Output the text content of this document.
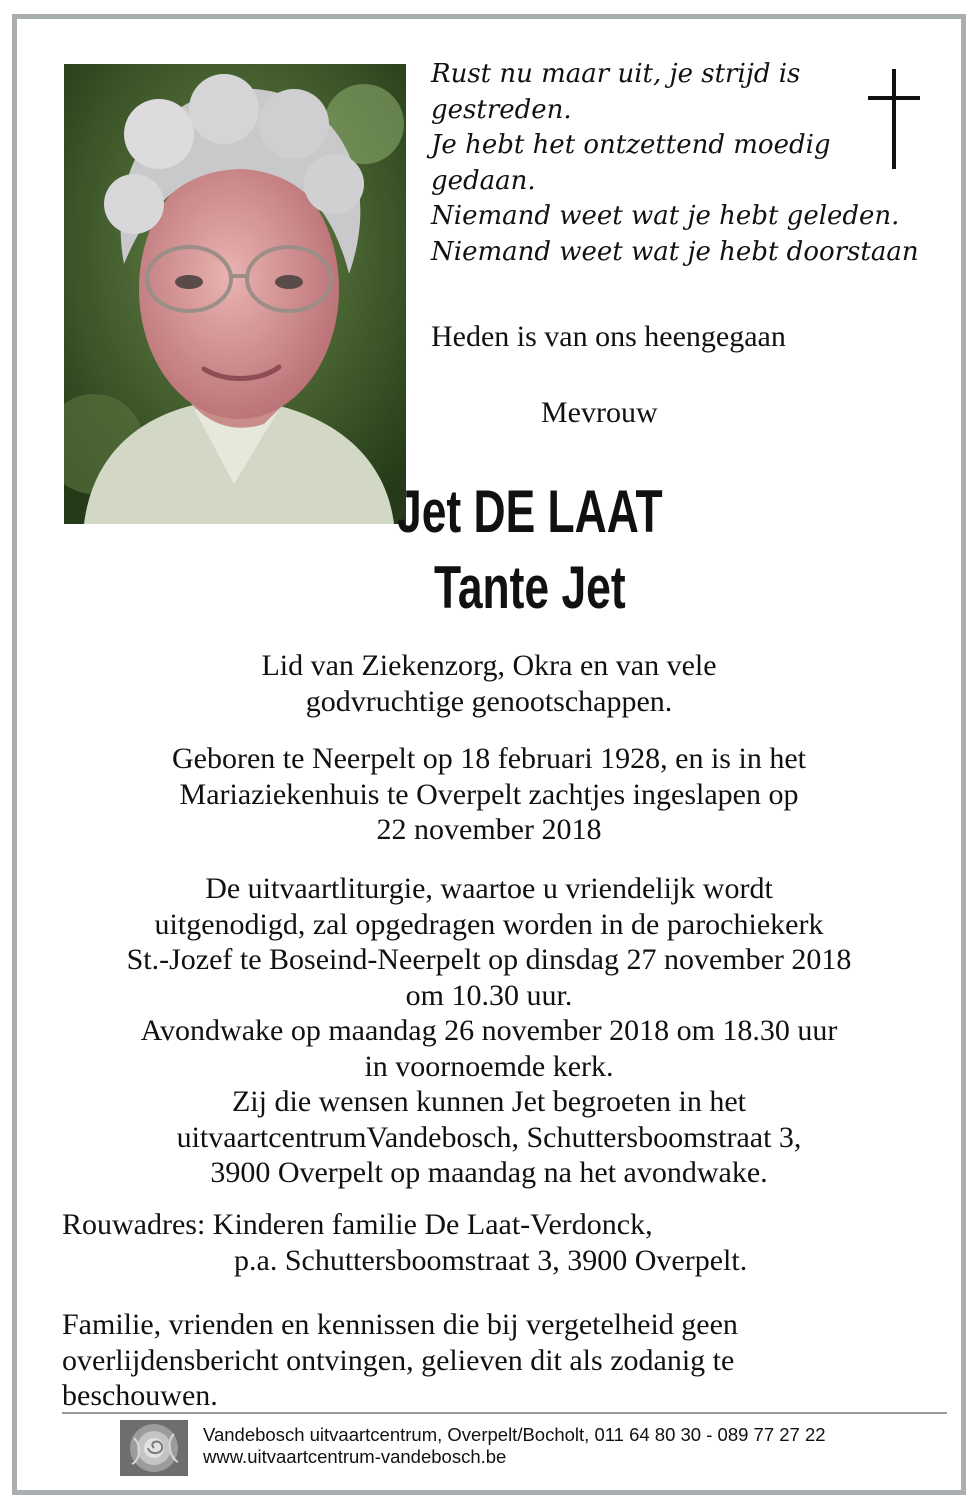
Rust nu maar uit, je strijd is
gestreden.
Je hebt het ontzettend moedig
gedaan.
Niemand weet wat je hebt geleden.
Niemand weet wat je hebt doorstaan
Heden is van ons heengegaan
Mevrouw
Jet DE LAAT
Tante Jet
Lid van Ziekenzorg, Okra en van vele
godvruchtige genootschappen.
Geboren te Neerpelt op 18 februari 1928, en is in het
Mariaziekenhuis te Overpelt zachtjes ingeslapen op
22 november 2018
De uitvaartliturgie, waartoe u vriendelijk wordt
uitgenodigd, zal opgedragen worden in de parochiekerk
St.-Jozef te Boseind-Neerpelt op dinsdag 27 november 2018
om 10.30 uur.
Avondwake op maandag 26 november 2018 om 18.30 uur
in voornoemde kerk.
Zij die wensen kunnen Jet begroeten in het
uitvaartcentrumVandebosch, Schuttersboomstraat 3,
3900 Overpelt op maandag na het avondwake.
Rouwadres: Kinderen familie De Laat-Verdonck,
p.a. Schuttersboomstraat 3, 3900 Overpelt.
Familie, vrienden en kennissen die bij vergetelheid geen
overlijdensbericht ontvingen, gelieven dit als zodanig te
beschouwen.
Vandebosch uitvaartcentrum, Overpelt/Bocholt, 011 64 80 30 - 089 77 27 22
www.uitvaartcentrum-vandebosch.be
